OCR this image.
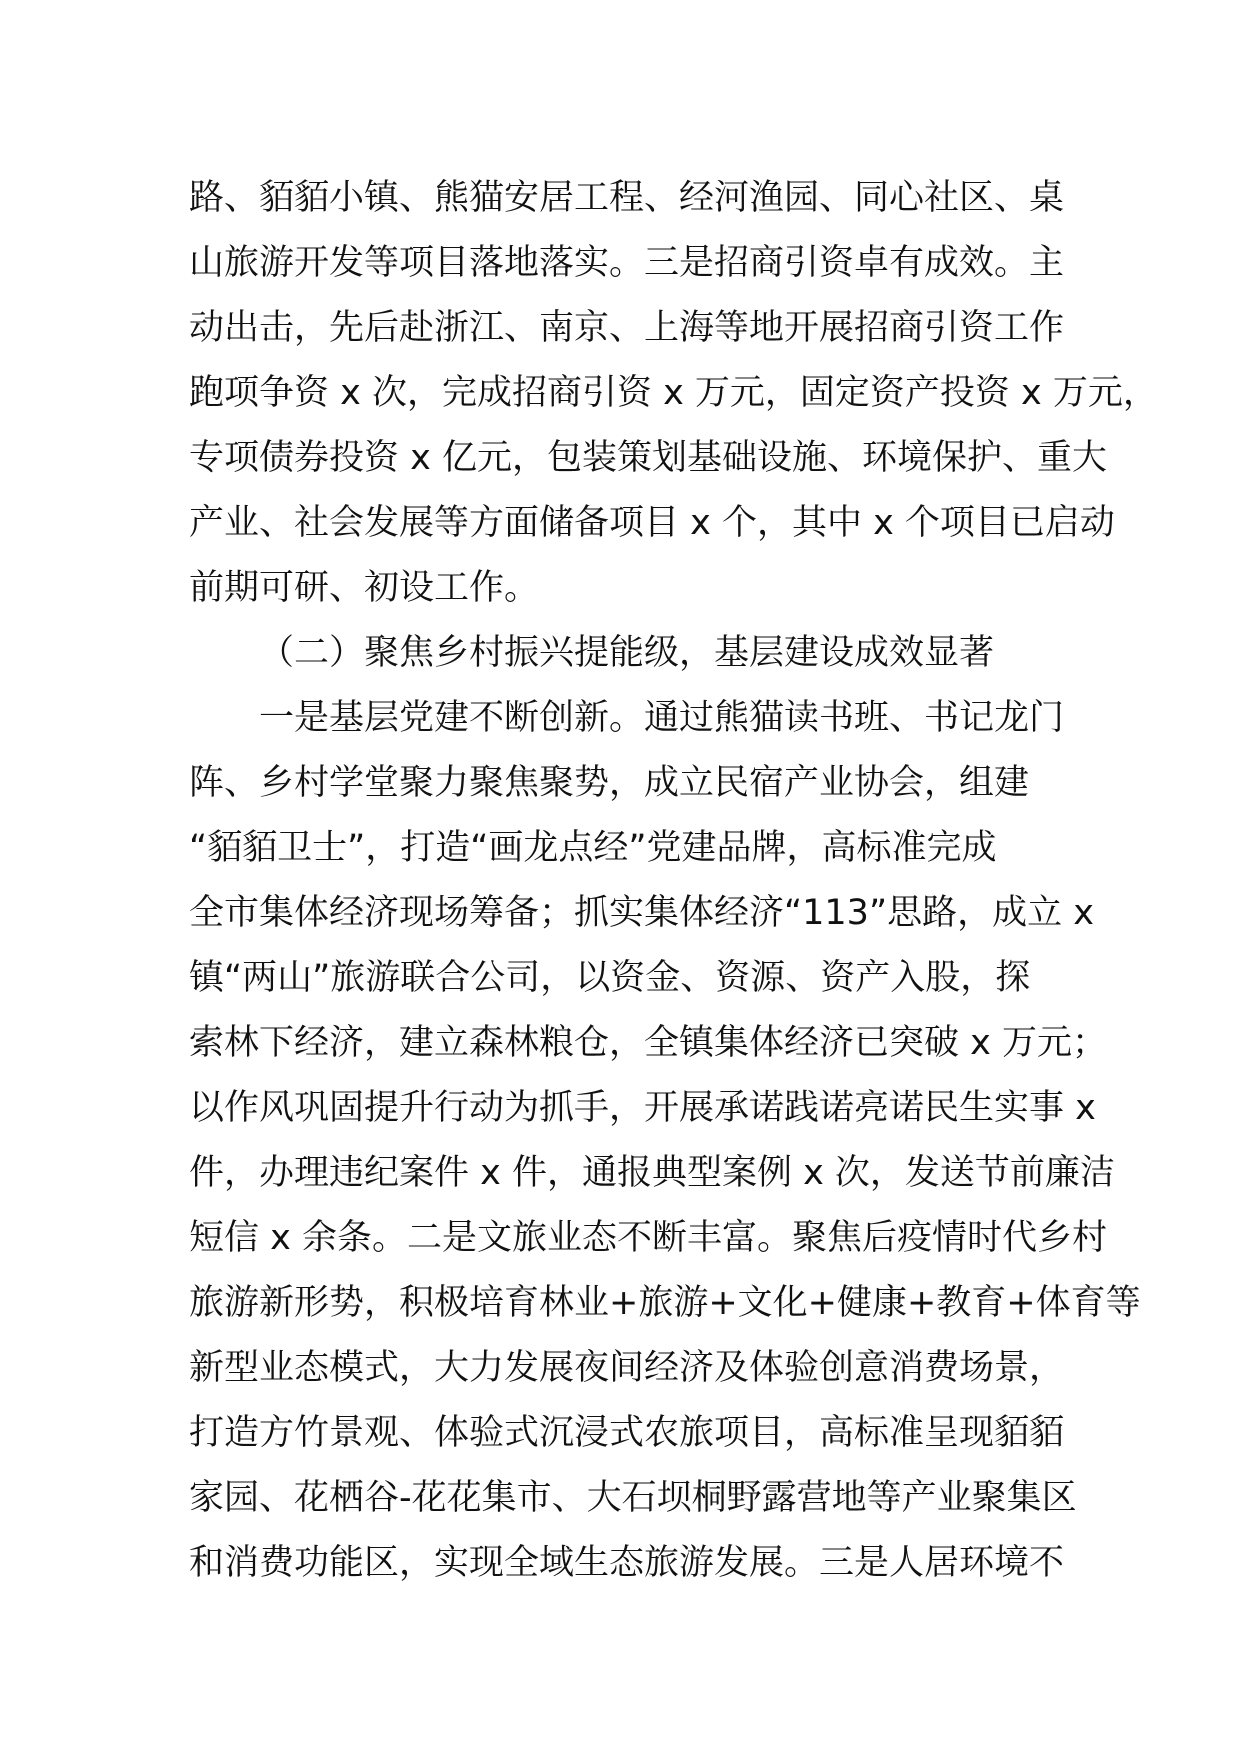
路、貊貊小镇、熊猫安居工程、经河渔园、同心社区、桌
山旅游开发等项目落地落实。三是招商引资卓有成效。主
动出击，先后赴浙江、南京、上海等地开展招商引资工作
跑项争资 x 次，完成招商引资 x 万元，固定资产投资 x 万元，
专项债券投资 x 亿元，包装策划基础设施、环境保护、重大
产业、社会发展等方面储备项目 x 个，其中 x 个项目已启动
前期可研、初设工作。
（二）聚焦乡村振兴提能级，基层建设成效显著
一是基层党建不断创新。通过熊猫读书班、书记龙门
阵、乡村学堂聚力聚焦聚势，成立民宿产业协会，组建
“貊貊卫士”，打造“画龙点经”党建品牌，高标准完成
全市集体经济现场筹备；抓实集体经济“113”思路，成立 x
镇“两山”旅游联合公司，以资金、资源、资产入股，探
索林下经济，建立森林粮仓，全镇集体经济已突破 x 万元；
以作风巩固提升行动为抓手，开展承诺践诺亮诺民生实事 x
件，办理违纪案件 x 件，通报典型案例 x 次，发送节前廉洁
短信 x 余条。二是文旅业态不断丰富。聚焦后疫情时代乡村
旅游新形势，积极培育林业+旅游+文化+健康+教育+体育等
新型业态模式，大力发展夜间经济及体验创意消费场景，
打造方竹景观、体验式沉浸式农旅项目，高标准呈现貊貊
家园、花栖谷-花花集市、大石坝桐野露营地等产业聚集区
和消费功能区，实现全域生态旅游发展。三是人居环境不
